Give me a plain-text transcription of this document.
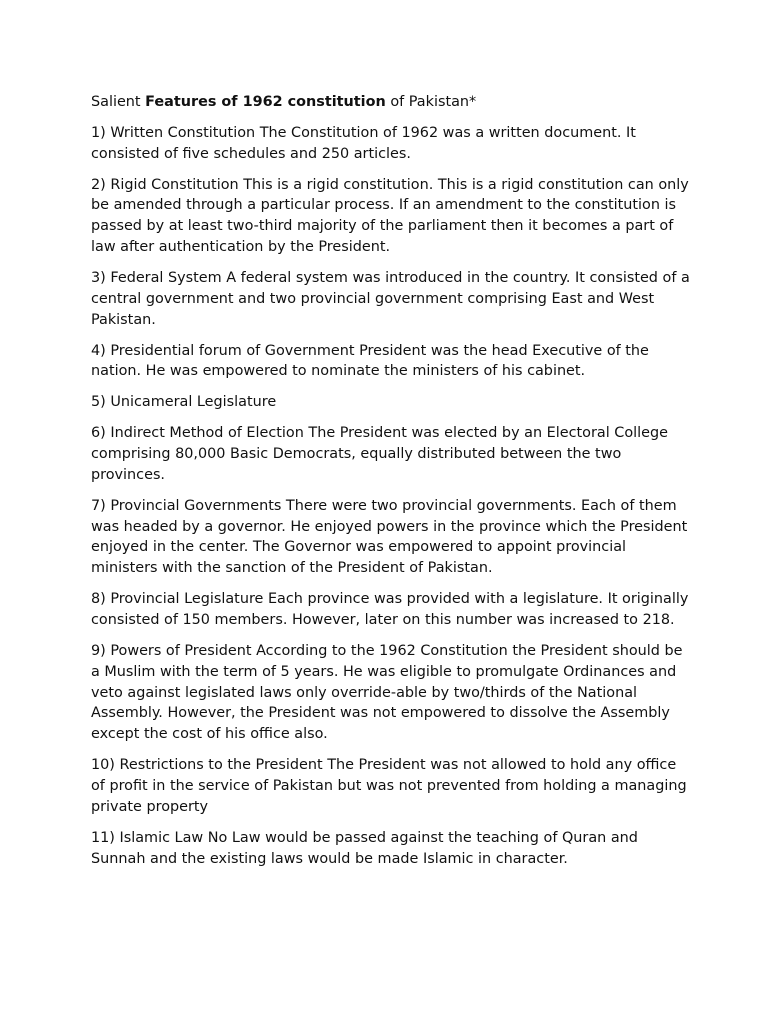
Salient Features of 1962 constitution of Pakistan*

1) Written Constitution The Constitution of 1962 was a written document. It consisted of five schedules and 250 articles.

2) Rigid Constitution This is a rigid constitution. This is a rigid constitution can only be amended through a particular process. If an amendment to the constitution is passed by at least two-third majority of the parliament then it becomes a part of law after authentication by the President.

3) Federal System A federal system was introduced in the country. It consisted of a central government and two provincial government comprising East and West Pakistan.

4) Presidential forum of Government President was the head Executive of the nation. He was empowered to nominate the ministers of his cabinet.

5) Unicameral Legislature

6) Indirect Method of Election The President was elected by an Electoral College comprising 80,000 Basic Democrats, equally distributed between the two provinces.

7) Provincial Governments There were two provincial governments. Each of them was headed by a governor. He enjoyed powers in the province which the President enjoyed in the center. The Governor was empowered to appoint provincial ministers with the sanction of the President of Pakistan.

8) Provincial Legislature Each province was provided with a legislature. It originally consisted of 150 members. However, later on this number was increased to 218.

9) Powers of President According to the 1962 Constitution the President should be a Muslim with the term of 5 years. He was eligible to promulgate Ordinances and veto against legislated laws only override-able by two/thirds of the National Assembly. However, the President was not empowered to dissolve the Assembly except the cost of his office also.

10) Restrictions to the President The President was not allowed to hold any office of profit in the service of Pakistan but was not prevented from holding a managing private property

11) Islamic Law No Law would be passed against the teaching of Quran and Sunnah and the existing laws would be made Islamic in character.
